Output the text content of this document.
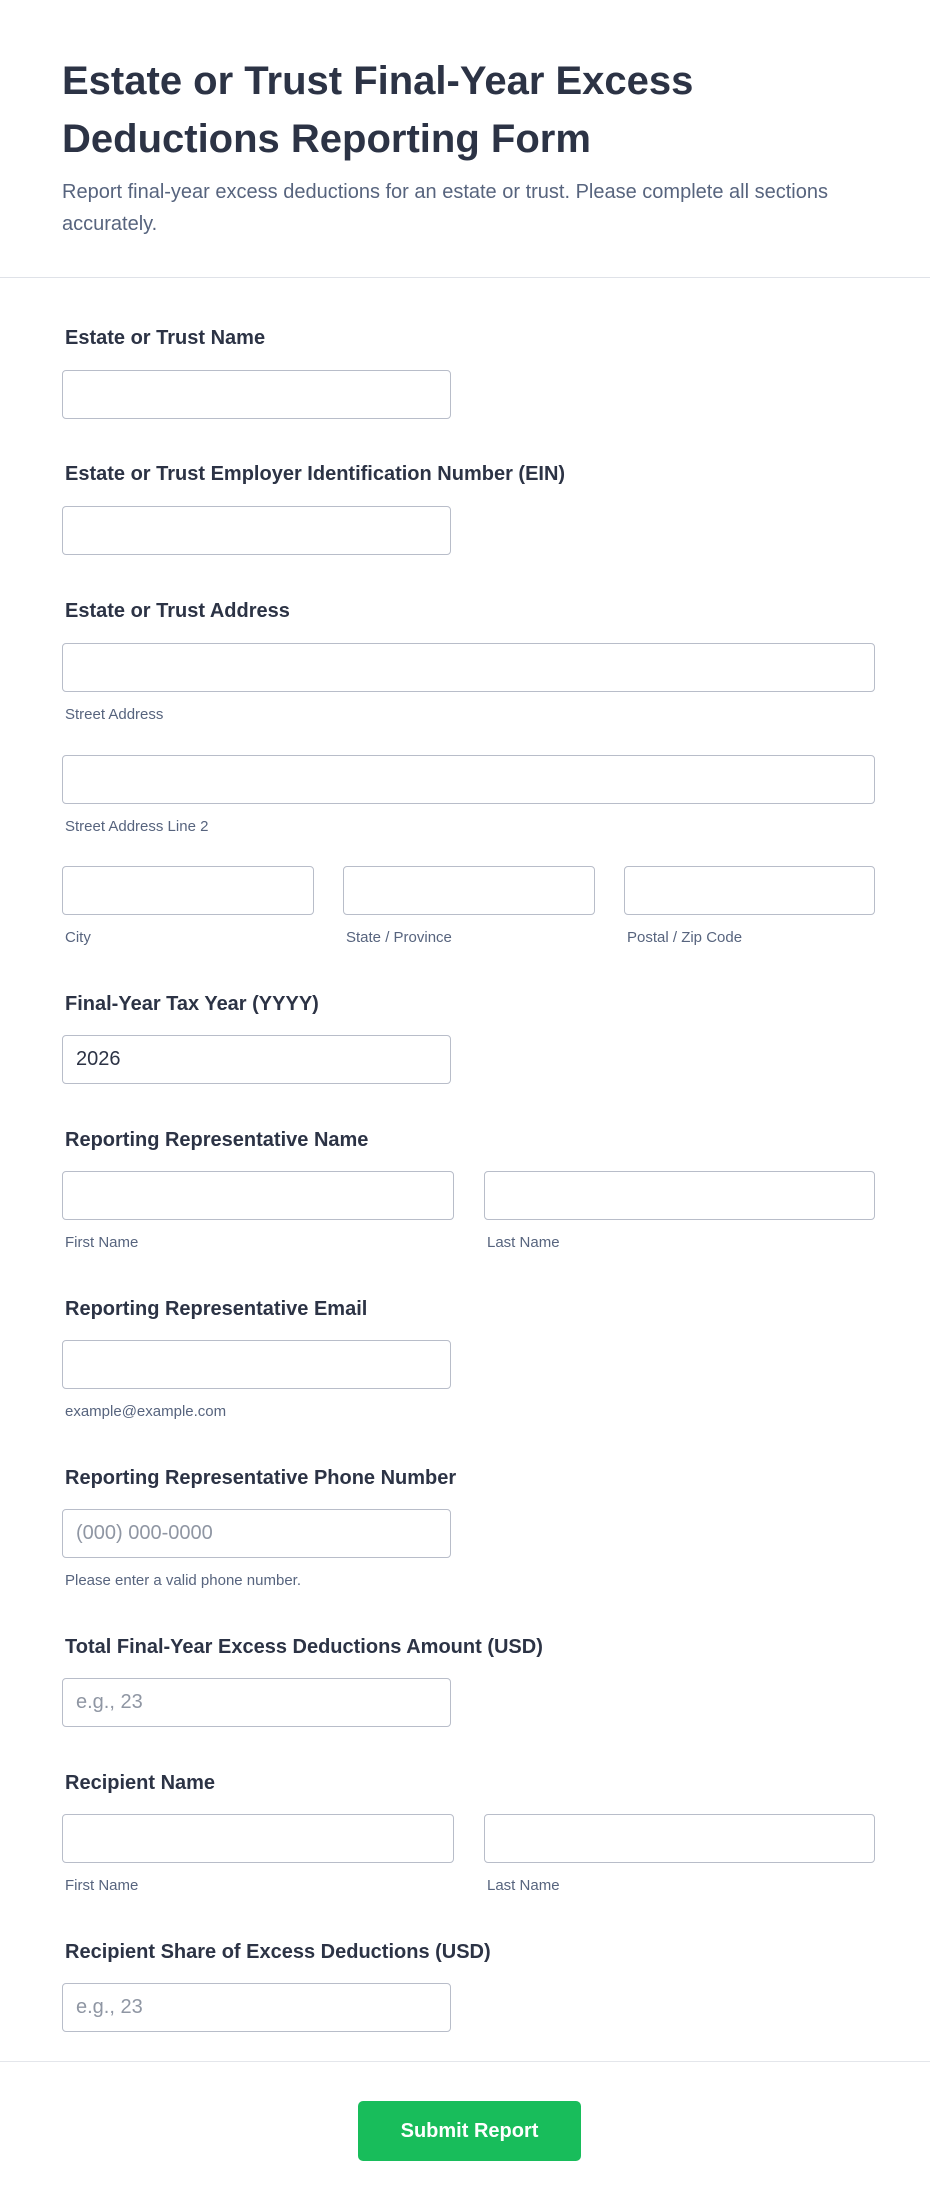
Estate or Trust Final-Year Excess Deductions Reporting Form

Report final-year excess deductions for an estate or trust. Please complete all sections accurately.

Estate or Trust Name
Estate or Trust Employer Identification Number (EIN)
Estate or Trust Address
Street Address
Street Address Line 2
City	State / Province	Postal / Zip Code
Final-Year Tax Year (YYYY)
2026
Reporting Representative Name
First Name	Last Name
Reporting Representative Email
example@example.com
Reporting Representative Phone Number
(000) 000-0000
Please enter a valid phone number.
Total Final-Year Excess Deductions Amount (USD)
e.g., 23
Recipient Name
First Name	Last Name
Recipient Share of Excess Deductions (USD)
e.g., 23
Submit Report
